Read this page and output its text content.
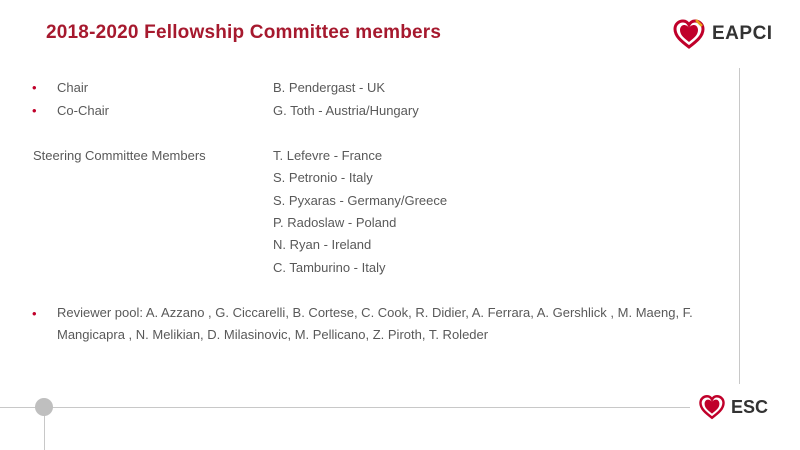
2018-2020 Fellowship Committee members	EAPCI
• Chair	B. Pendergast - UK
• Co-Chair	G. Toth - Austria/Hungary
Steering Committee Members	T. Lefevre - France
S. Petronio - Italy
S. Pyxaras - Germany/Greece
P. Radoslaw - Poland
N. Ryan - Ireland
C. Tamburino - Italy
• Reviewer pool: A. Azzano , G. Ciccarelli, B. Cortese, C. Cook, R. Didier, A. Ferrara, A. Gershlick , M. Maeng, F. Mangicapra , N. Melikian, D. Milasinovic, M. Pellicano, Z. Piroth, T. Roleder
ESC
